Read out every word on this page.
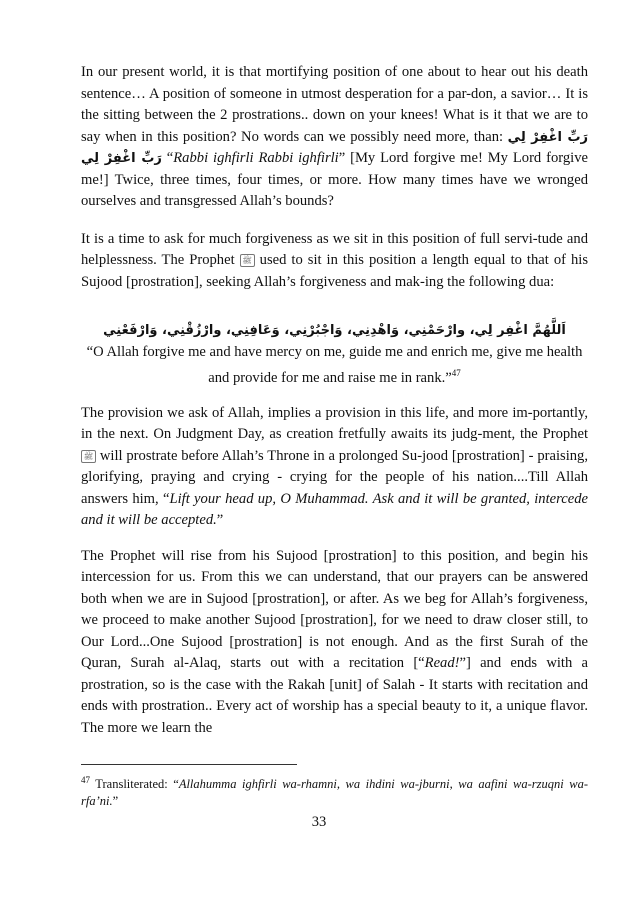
In our present world, it is that mortifying position of one about to hear out his death sentence… A position of someone in utmost desperation for a par-don, a savior… It is the sitting between the 2 prostrations.. down on your knees! What is it that we are to say when in this position? No words can we possibly need more, than: رَبِّ اغْفِرْ لِي رَبِّ اغْفِرْ لِي “Rabbi ighfirli Rabbi ighfirli” [My Lord forgive me! My Lord forgive me!] Twice, three times, four times, or more. How many times have we wronged ourselves and transgressed Allah’s bounds?

It is a time to ask for much forgiveness as we sit in this position of full servi-tude and helplessness. The Prophet ﷺ used to sit in this position a length equal to that of his Sujood [prostration], seeking Allah’s forgiveness and mak-ing the following dua:

اَللَّهُمَّ اغْفِر لِي، وارْحَمْنِي، وَاهْدِنِي، وَاجْبُرْنِي، وَعَافِنِي، وارْزُقْنِي، وَارْفَعْنِي

“O Allah forgive me and have mercy on me, guide me and enrich me, give me health and provide for me and raise me in rank.”$^{47}$

The provision we ask of Allah, implies a provision in this life, and more im-portantly, in the next. On Judgment Day, as creation fretfully awaits its judg-ment, the Prophet ﷺ will prostrate before Allah’s Throne in a prolonged Su-jood [prostration] - praising, glorifying, praying and crying - crying for the people of his nation....Till Allah answers him, “Lift your head up, O Muhammad. Ask and it will be granted, intercede and it will be accepted.”

The Prophet will rise from his Sujood [prostration] to this position, and begin his intercession for us. From this we can understand, that our prayers can be answered both when we are in Sujood [prostration], or after. As we beg for Allah’s forgiveness, we proceed to make another Sujood [prostration], for we need to draw closer still, to Our Lord...One Sujood [prostration] is not enough. And as the first Surah of the Quran, Surah al-Alaq, starts out with a recitation [“Read!”] and ends with a prostration, so is the case with the Rakah [unit] of Salah - It starts with recitation and ends with prostration.. Every act of worship has a special beauty to it, a unique flavor. The more we learn the

$^{47}$ Transliterated: “Allahumma ighfirli wa-rhamni, wa ihdini wa-jburni, wa aafini wa-rzuqni wa-rfa’ni.”
33
